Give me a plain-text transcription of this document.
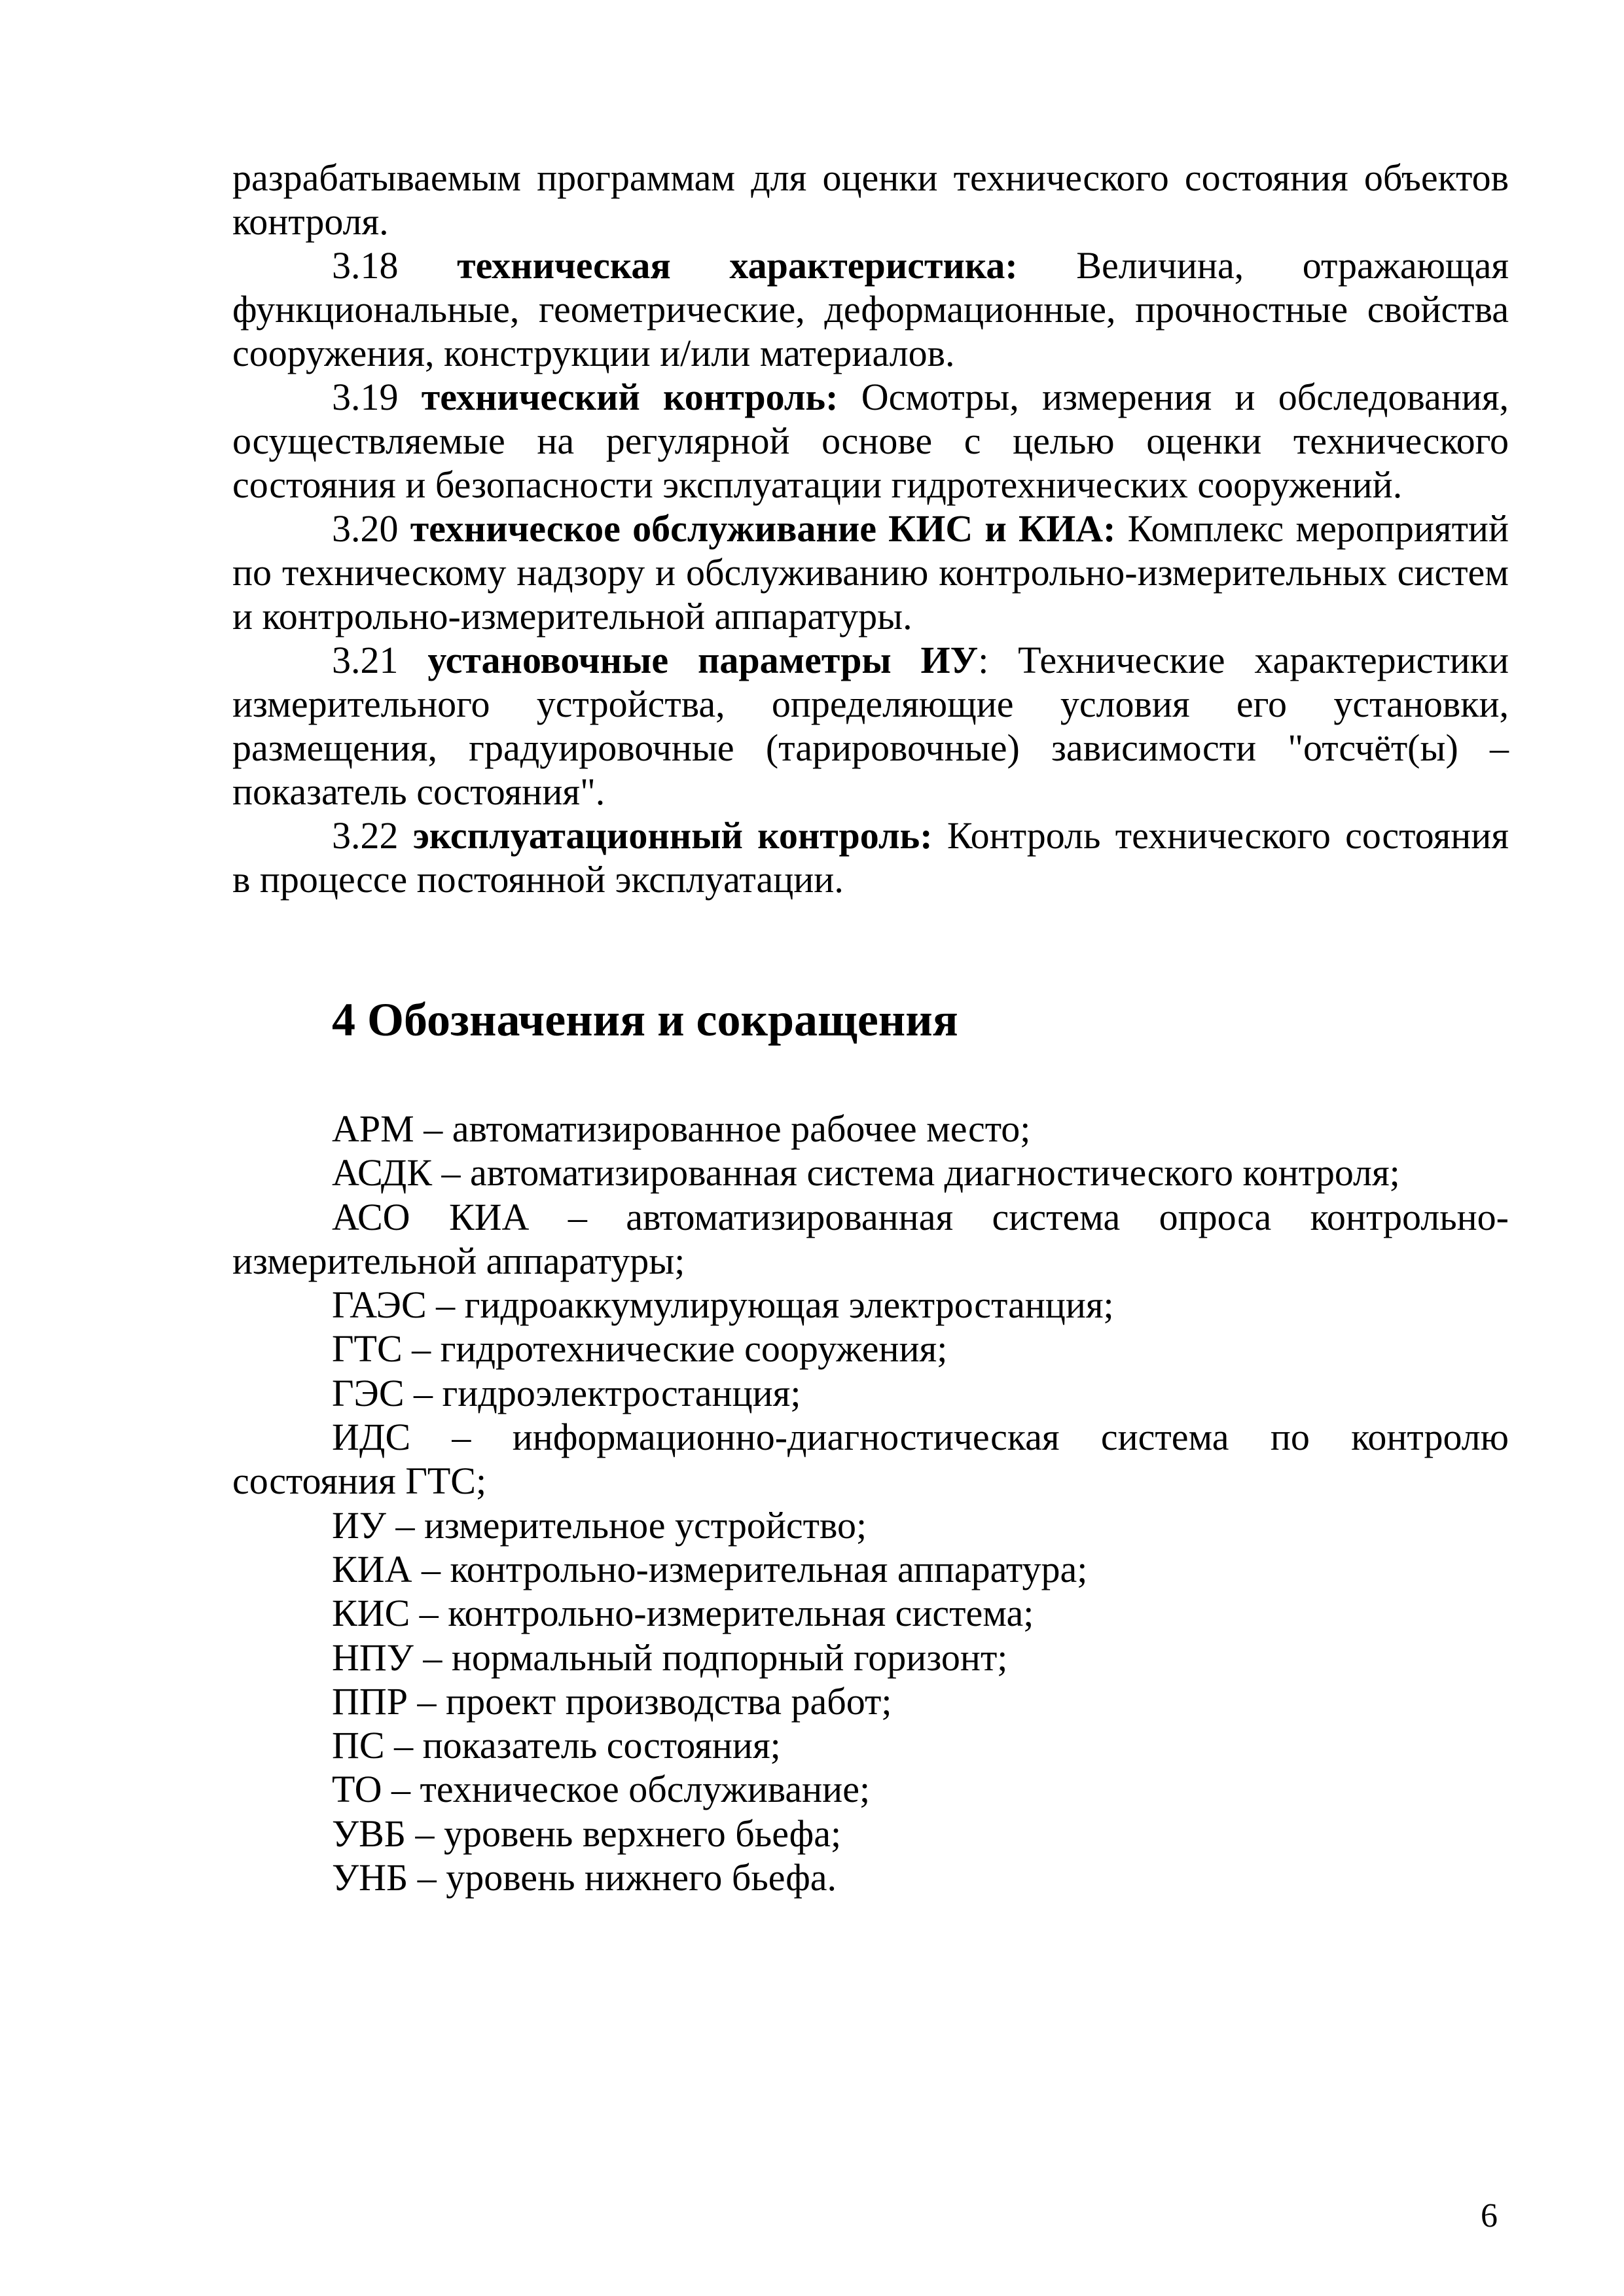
разрабатываемым программам для оценки технического состояния объектов контроля.

3.18 техническая характеристика: Величина, отражающая функциональные, геометрические, деформационные, прочностные свойства сооружения, конструкции и/или материалов.

3.19 технический контроль: Осмотры, измерения и обследования, осуществляемые на регулярной основе с целью оценки технического состояния и безопасности эксплуатации гидротехнических сооружений.

3.20 техническое обслуживание КИС и КИА: Комплекс мероприятий по техническому надзору и обслуживанию контрольно-измерительных систем и контрольно-измерительной аппаратуры.

3.21 установочные параметры ИУ: Технические характеристики измерительного устройства, определяющие условия его установки, размещения, градуировочные (тарировочные) зависимости "отсчёт(ы) – показатель состояния".

3.22 эксплуатационный контроль: Контроль технического состояния в процессе постоянной эксплуатации.

4 Обозначения и сокращения

АРМ – автоматизированное рабочее место;

АСДК – автоматизированная система диагностического контроля;

АСО КИА – автоматизированная система опроса контрольно-измерительной аппаратуры;

ГАЭС – гидроаккумулирующая электростанция;

ГТС – гидротехнические сооружения;

ГЭС – гидроэлектростанция;

ИДС – информационно-диагностическая система по контролю состояния ГТС;

ИУ – измерительное устройство;

КИА – контрольно-измерительная аппаратура;

КИС – контрольно-измерительная система;

НПУ – нормальный подпорный горизонт;

ППР – проект производства работ;

ПС – показатель состояния;

ТО – техническое обслуживание;

УВБ – уровень верхнего бьефа;

УНБ – уровень нижнего бьефа.

6
